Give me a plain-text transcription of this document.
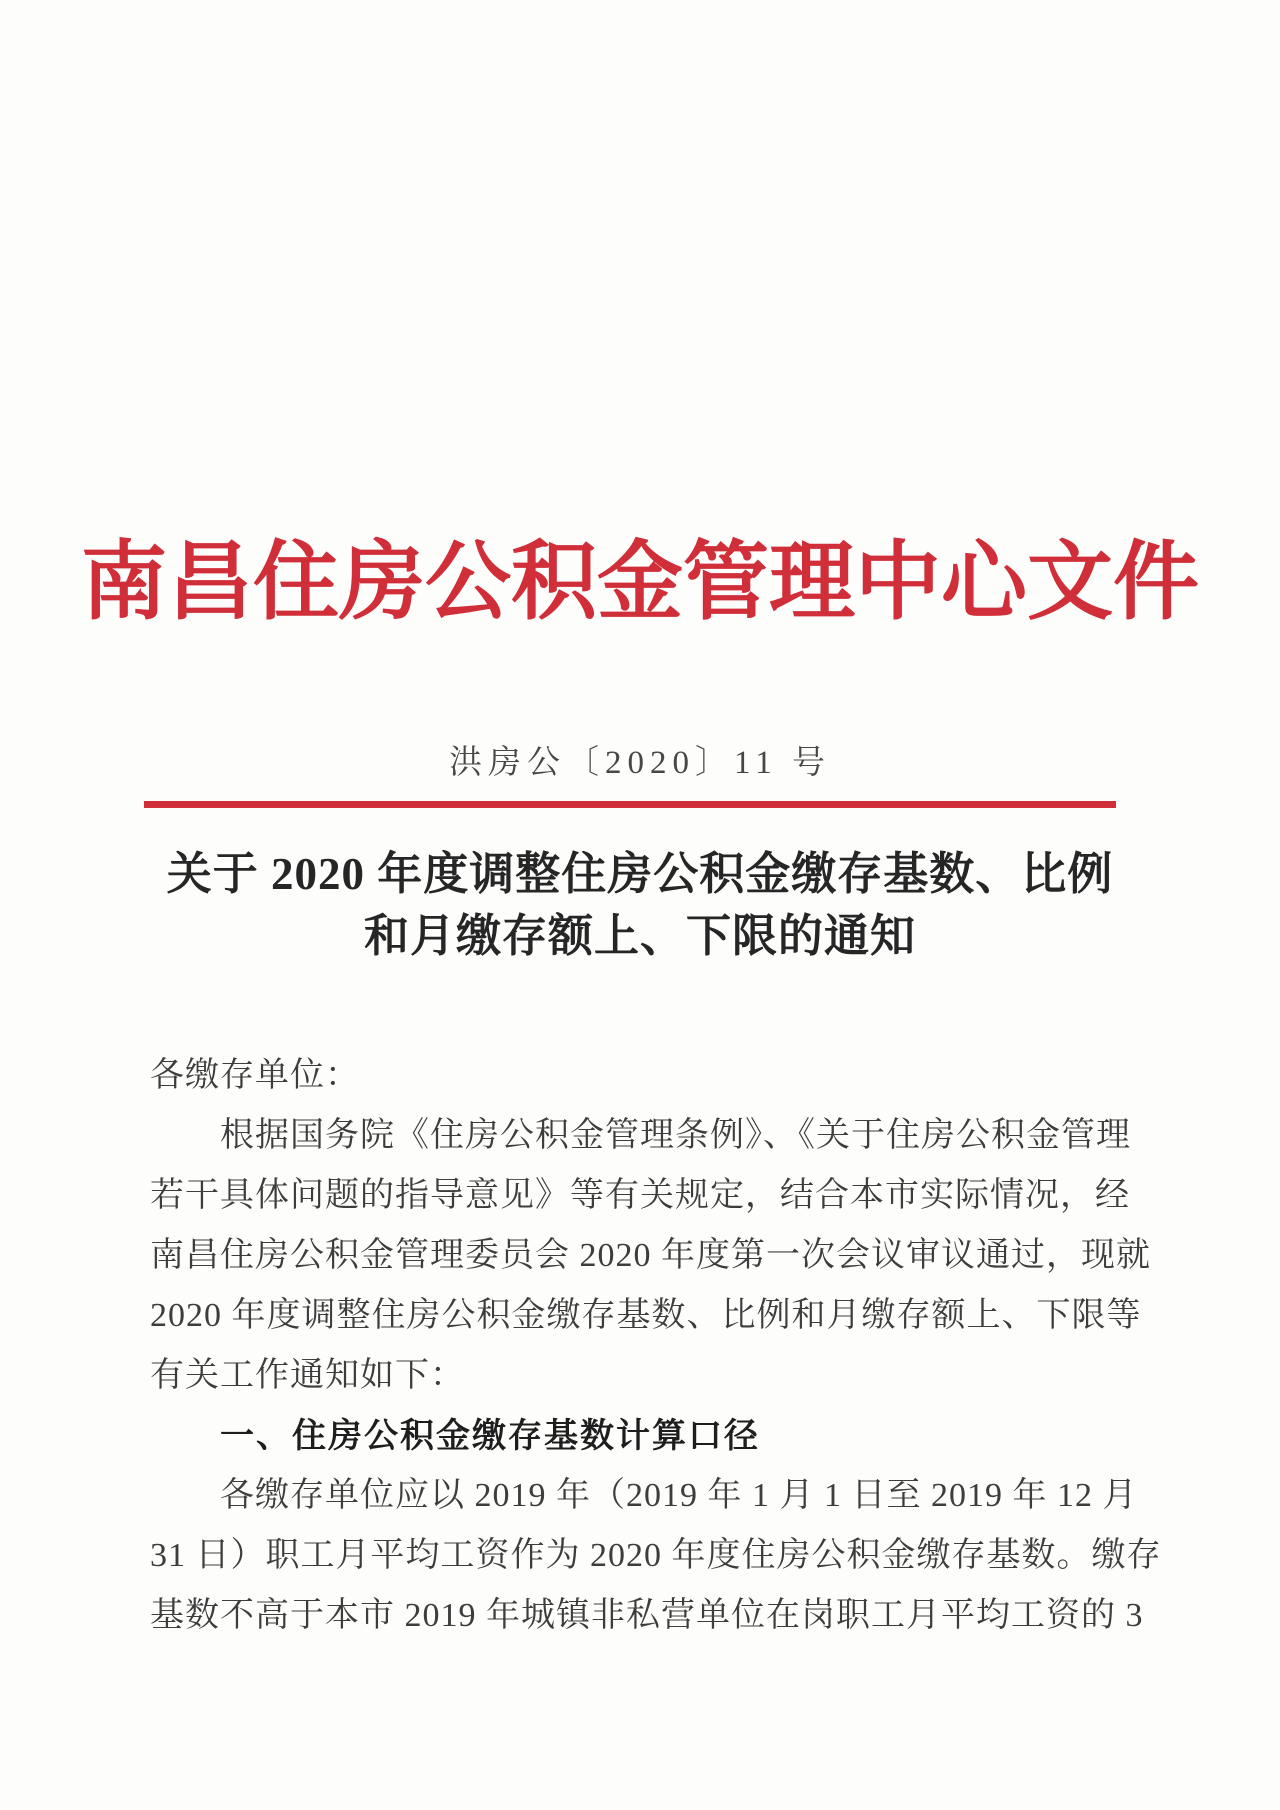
南昌住房公积金管理中心文件
洪房公〔2020〕11 号
关于 2020 年度调整住房公积金缴存基数、比例
和月缴存额上、下限的通知
各缴存单位：
根据国务院《住房公积金管理条例》、《关于住房公积金管理
若干具体问题的指导意见》等有关规定，结合本市实际情况，经
南昌住房公积金管理委员会 2020 年度第一次会议审议通过，现就
2020 年度调整住房公积金缴存基数、比例和月缴存额上、下限等
有关工作通知如下：
一、住房公积金缴存基数计算口径
各缴存单位应以 2019 年（2019 年 1 月 1 日至 2019 年 12 月
31 日）职工月平均工资作为 2020 年度住房公积金缴存基数。缴存
基数不高于本市 2019 年城镇非私营单位在岗职工月平均工资的 3
